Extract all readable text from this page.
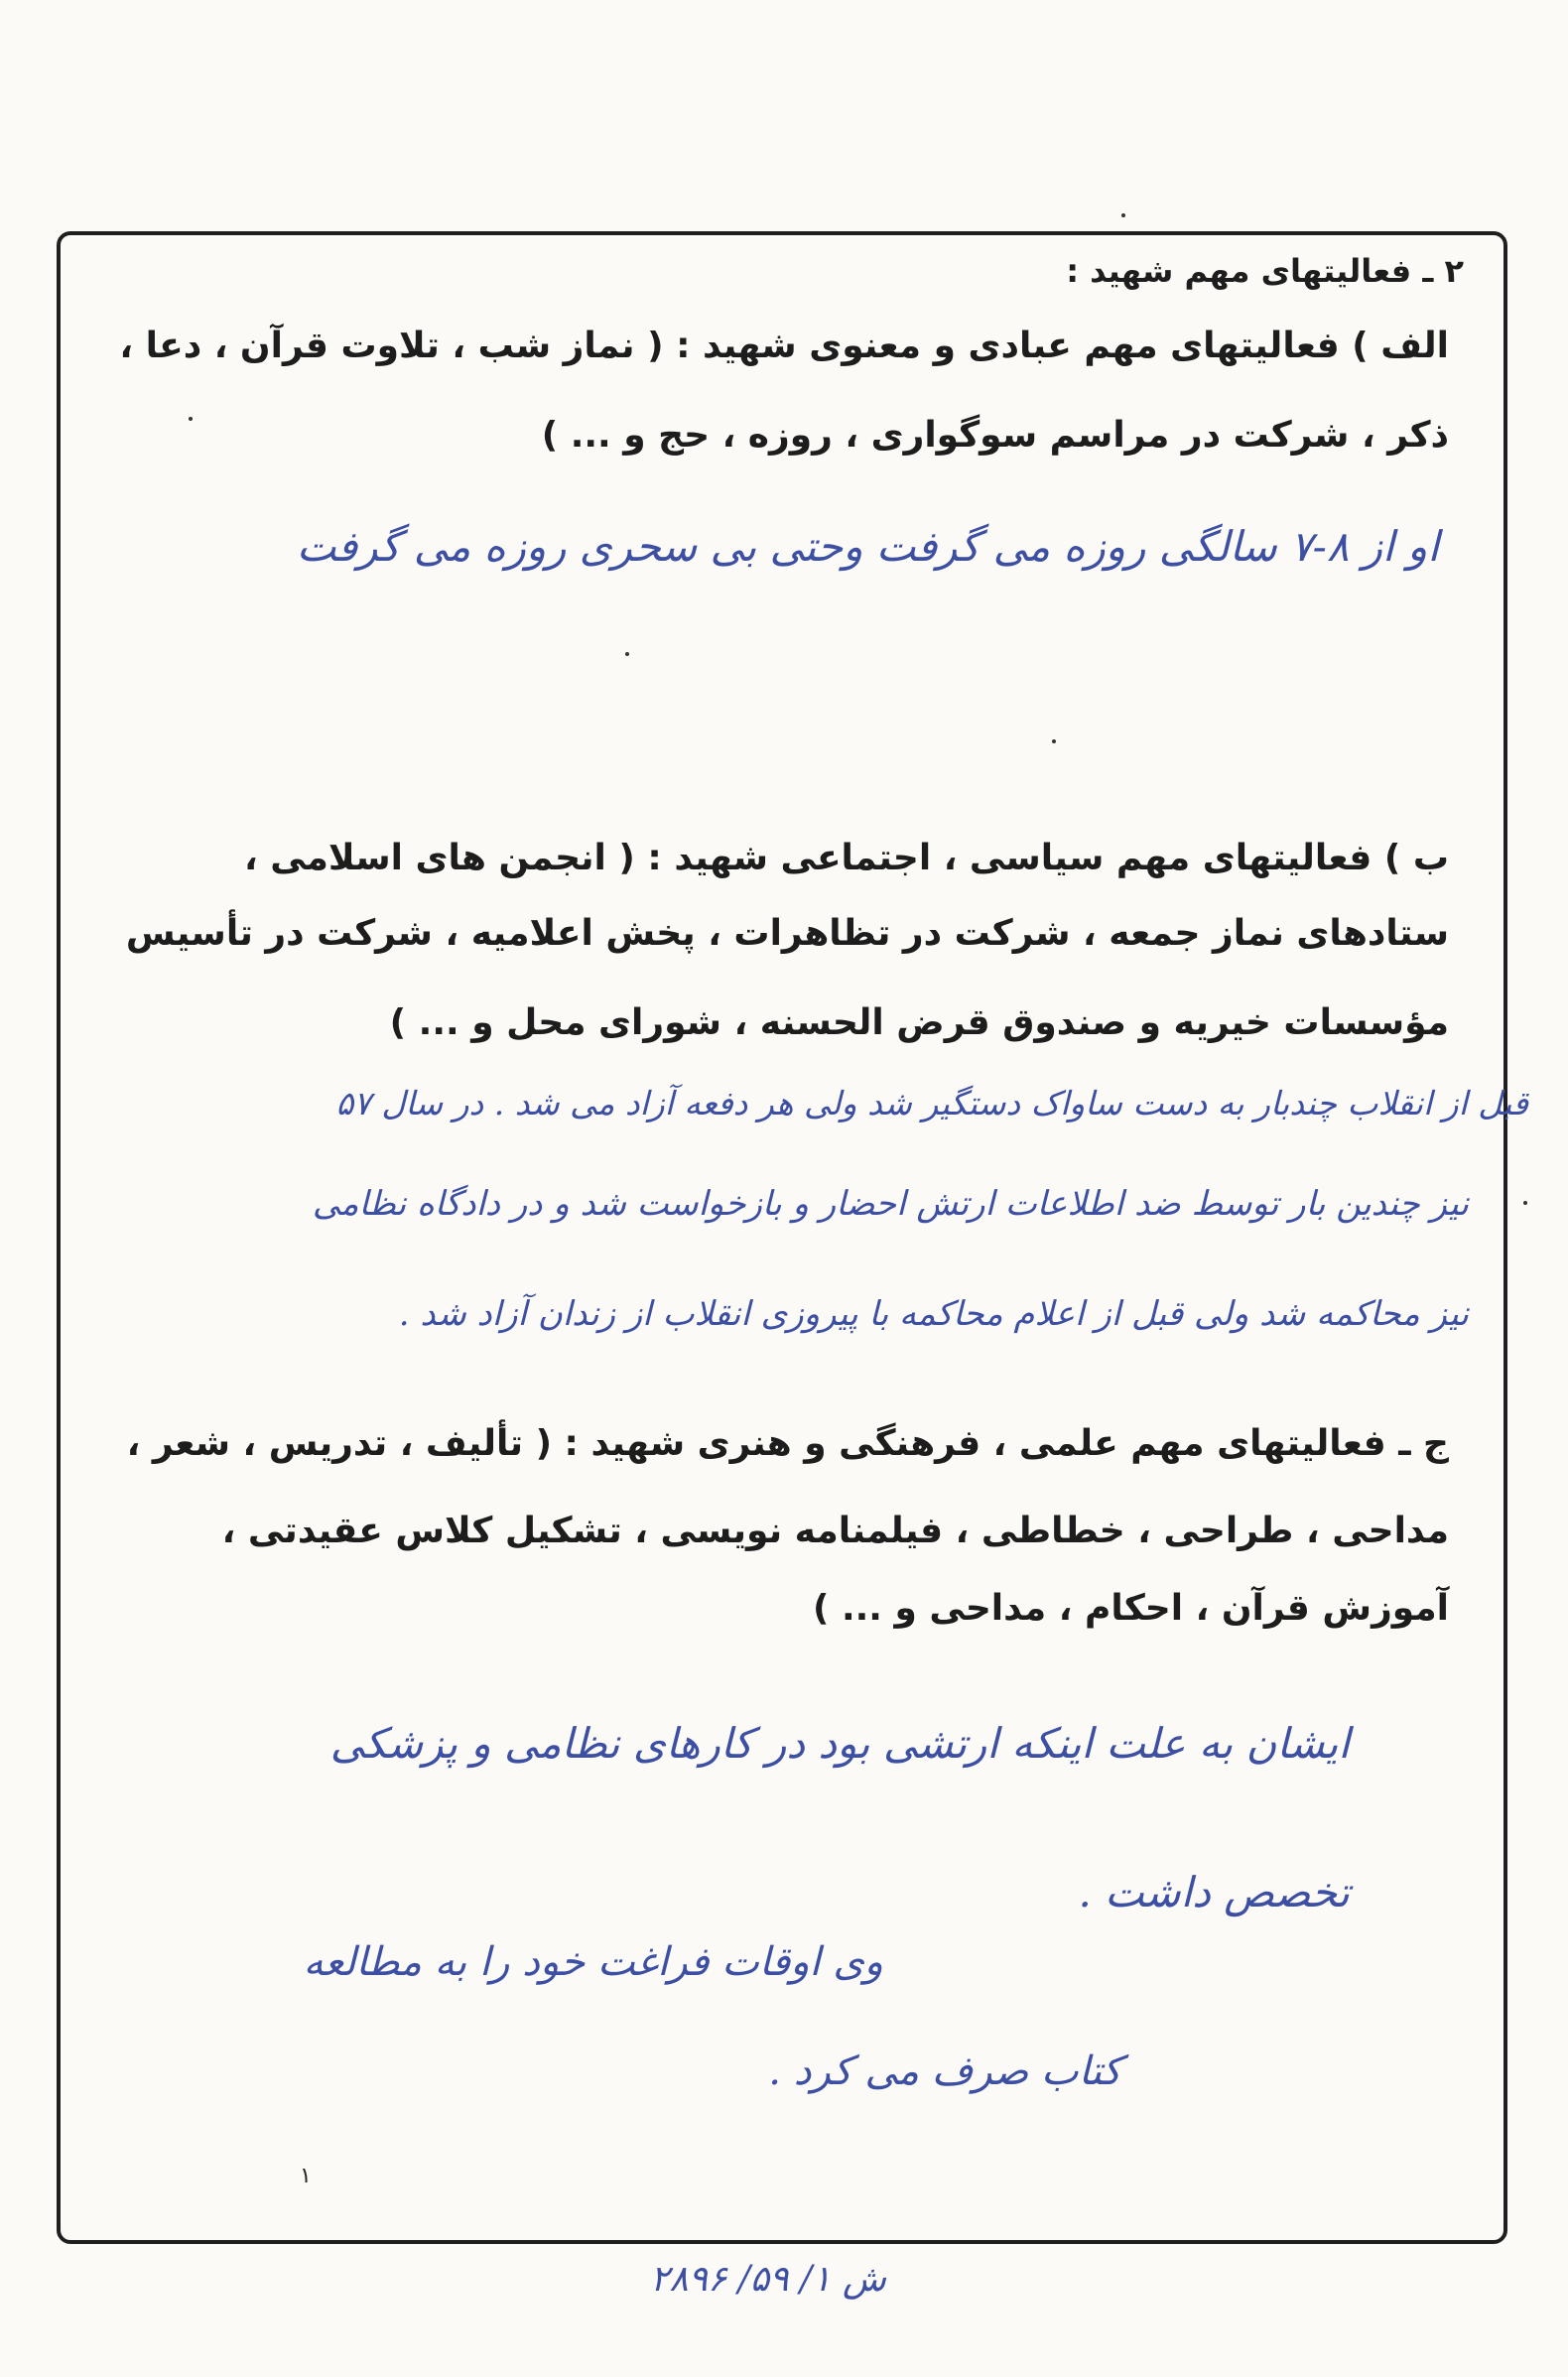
۲ ـ فعالیتهای مهم شهید :
الف ) فعالیتهای مهم عبادی و معنوی شهید : ( نماز شب ، تلاوت قرآن ، دعا ،
ذکر ، شرکت در مراسم سوگواری ، روزه ، حج و ... )
او از ۸-۷ سالگی روزه می گرفت وحتی بی سحری روزه می گرفت
ب ) فعالیتهای مهم سیاسی ، اجتماعی شهید : ( انجمن های اسلامی ،
ستادهای نماز جمعه ، شرکت در تظاهرات ، پخش اعلامیه ، شرکت در تأسیس
مؤسسات خیریه و صندوق قرض الحسنه ، شورای محل و ... )
قبل از انقلاب چندبار به دست ساواک دستگیر شد ولی هر دفعه آزاد می شد . در سال ۵۷
نیز چندین بار توسط ضد اطلاعات ارتش احضار و بازخواست شد و در دادگاه نظامی
نیز محاکمه شد ولی قبل از اعلام محاکمه با پیروزی انقلاب از زندان آزاد شد .
ج ـ فعالیتهای مهم علمی ، فرهنگی و هنری شهید : ( تألیف ، تدریس ، شعر ،
مداحی ، طراحی ، خطاطی ، فیلمنامه نویسی ، تشکیل کلاس عقیدتی ،
آموزش قرآن ، احکام ، مداحی و ... )
ایشان به علت اینکه ارتشی بود در کارهای نظامی و پزشکی
تخصص داشت .
وی اوقات فراغت خود را به مطالعه
کتاب صرف می کرد .
۱
ش ۱/ ۵۹/ ۲۸۹۶
